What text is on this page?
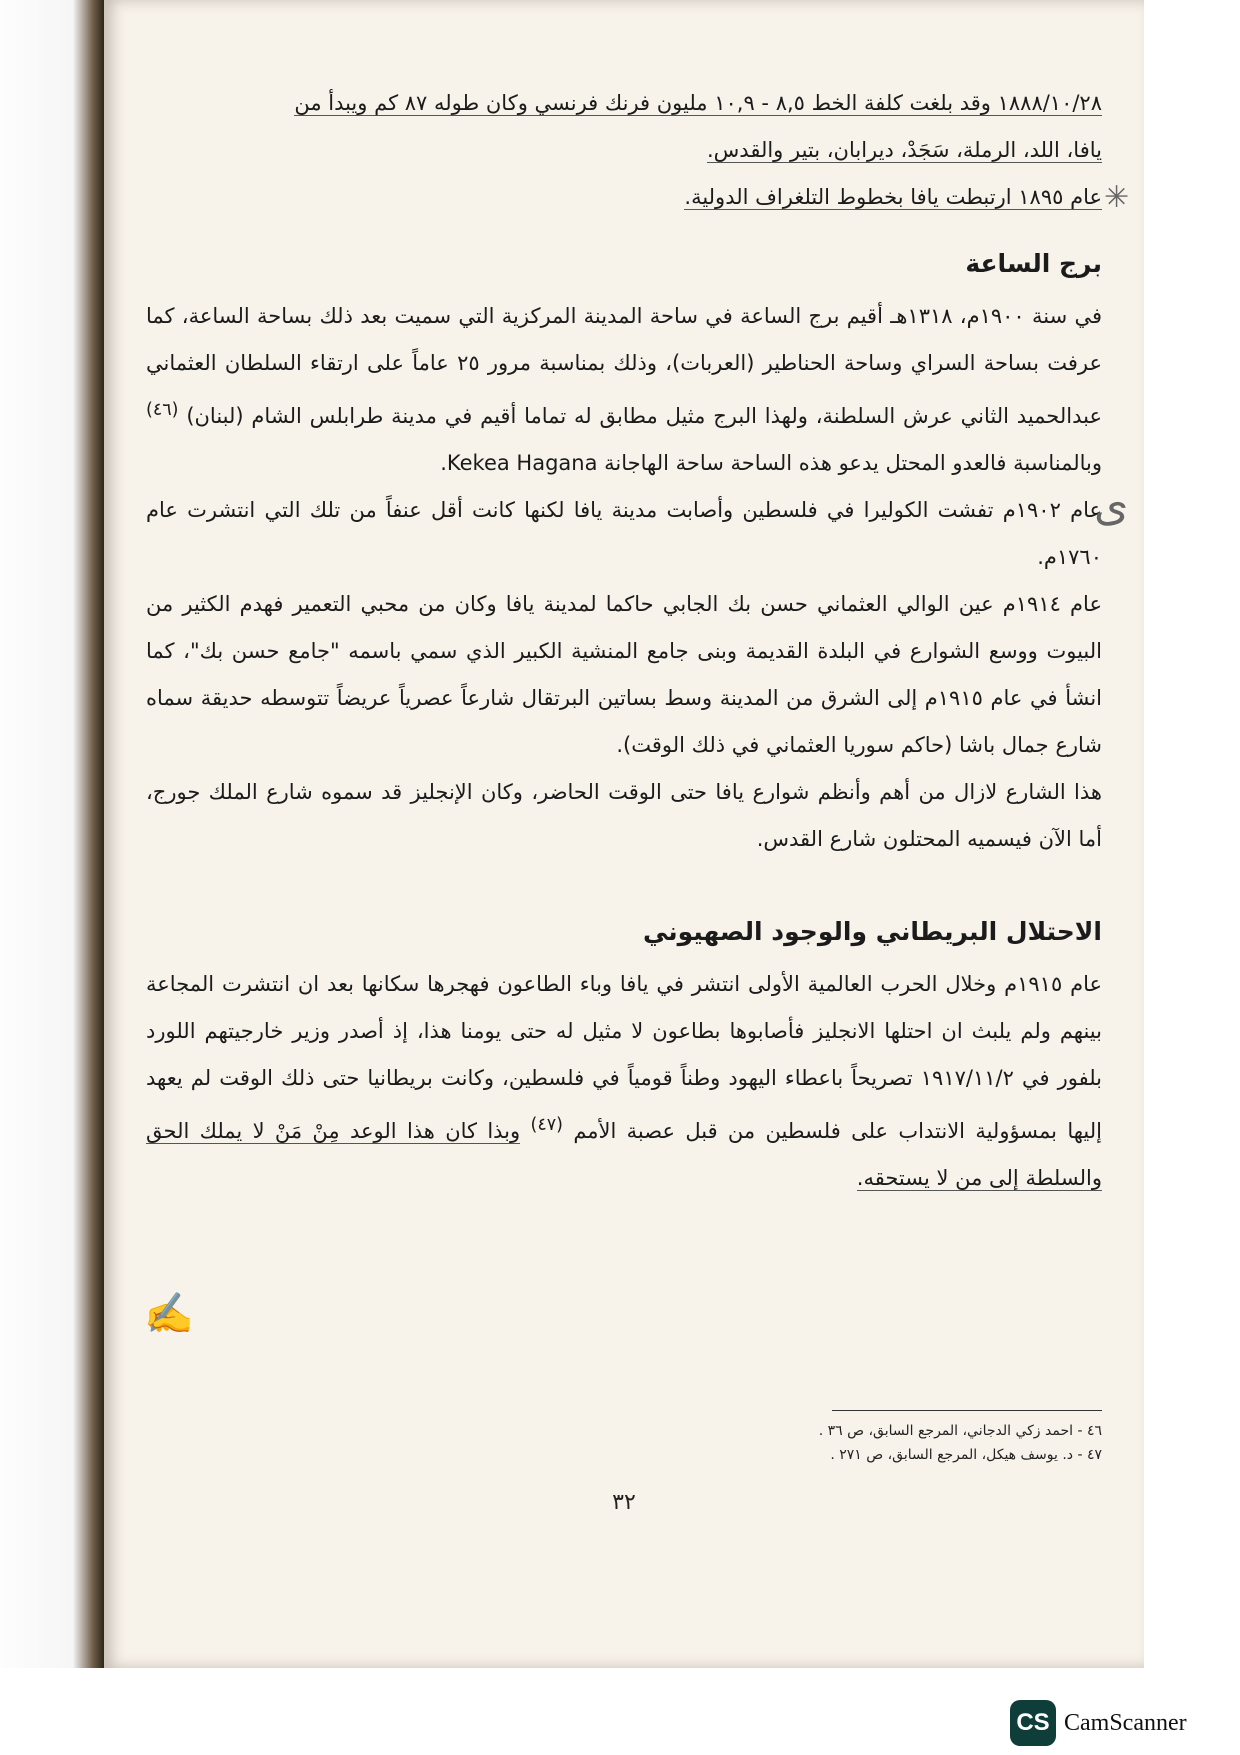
١٨٨٨/١٠/٢٨ وقد بلغت كلفة الخط ٨,٥ - ١٠,٩ مليون فرنك فرنسي وكان طوله ٨٧ كم ويبدأ من

يافا، اللد، الرملة، سَجَدْ، ديرابان، بتير والقدس.

عام ١٨٩٥ ارتبطت يافا بخطوط التلغراف الدولية.

برج الساعة

في سنة ١٩٠٠م، ١٣١٨هـ أقيم برج الساعة في ساحة المدينة المركزية التي سميت بعد ذلك بساحة الساعة، كما عرفت بساحة السراي وساحة الحناطير (العربات)، وذلك بمناسبة مرور ٢٥ عاماً على ارتقاء السلطان العثماني عبدالحميد الثاني عرش السلطنة، ولهذا البرج مثيل مطابق له تماما أقيم في مدينة طرابلس الشام (لبنان) $^{(٤٦)}$ وبالمناسبة فالعدو المحتل يدعو هذه الساحة ساحة الهاجانة Kekea Hagana.

عام ١٩٠٢م تفشت الكوليرا في فلسطين وأصابت مدينة يافا لكنها كانت أقل عنفاً من تلك التي انتشرت عام ١٧٦٠م.

عام ١٩١٤م عين الوالي العثماني حسن بك الجابي حاكما لمدينة يافا وكان من محبي التعمير فهدم الكثير من البيوت ووسع الشوارع في البلدة القديمة وبنى جامع المنشية الكبير الذي سمي باسمه "جامع حسن بك"، كما انشأ في عام ١٩١٥م إلى الشرق من المدينة وسط بساتين البرتقال شارعاً عصرياً عريضاً تتوسطه حديقة سماه شارع جمال باشا (حاكم سوريا العثماني في ذلك الوقت).

هذا الشارع لازال من أهم وأنظم شوارع يافا حتى الوقت الحاضر، وكان الإنجليز قد سموه شارع الملك جورج، أما الآن فيسميه المحتلون شارع القدس.

الاحتلال البريطاني والوجود الصهيوني

عام ١٩١٥م وخلال الحرب العالمية الأولى انتشر في يافا وباء الطاعون فهجرها سكانها بعد ان انتشرت المجاعة بينهم ولم يلبث ان احتلها الانجليز فأصابوها بطاعون لا مثيل له حتى يومنا هذا، إذ أصدر وزير خارجيتهم اللورد بلفور في ١٩١٧/١١/٢ تصريحاً باعطاء اليهود وطناً قومياً في فلسطين، وكانت بريطانيا حتى ذلك الوقت لم يعهد إليها بمسؤولية الانتداب على فلسطين من قبل عصبة الأمم $^{(٤٧)}$ وبذا كان هذا الوعد مِنْ مَنْ لا يملك الحق والسلطة إلى من لا يستحقه.

✳
ی
✍
٤٦ - احمد زكي الدجاني، المرجع السابق، ص ٣٦ .
٤٧ - د. يوسف هيكل، المرجع السابق، ص ٢٧١ .
٣٢
CS CamScanner
